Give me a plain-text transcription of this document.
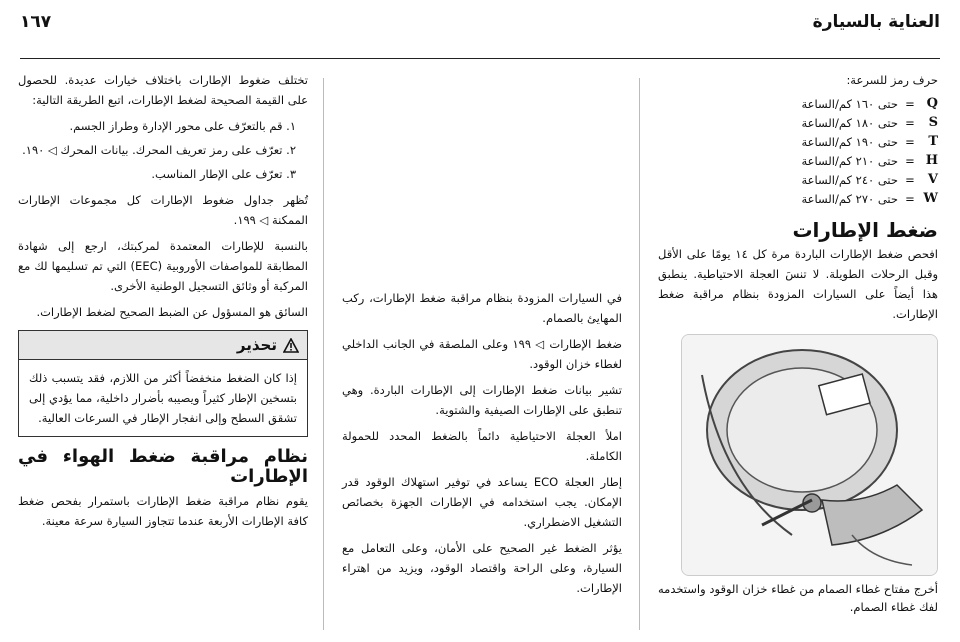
العناية بالسيارة
١٦٧
حرف رمز للسرعة:
Q
=
حتى ١٦٠ كم/الساعة
S
=
حتى ١٨٠ كم/الساعة
T
=
حتى ١٩٠ كم/الساعة
H
=
حتى ٢١٠ كم/الساعة
V
=
حتى ٢٤٠ كم/الساعة
W
=
حتى ٢٧٠ كم/الساعة
ضغط الإطارات

افحص ضغط الإطارات الباردة مرة كل ١٤ يومًا على الأقل وقبل الرحلات الطويلة. لا تنسَ العجلة الاحتياطية. ينطبق هذا أيضاً على السيارات المزودة بنظام مراقبة ضغط الإطارات.

أخرج مفتاح غطاء الصمام من غطاء خزان الوقود واستخدمه لفك غطاء الصمام.

في السيارات المزودة بنظام مراقبة ضغط الإطارات، ركب المهايئ بالصمام.

ضغط الإطارات ◁ ١٩٩ وعلى الملصقة في الجانب الداخلي لغطاء خزان الوقود.

تشير بيانات ضغط الإطارات إلى الإطارات الباردة. وهي تنطبق على الإطارات الصيفية والشتوية.

املأ العجلة الاحتياطية دائماً بالضغط المحدد للحمولة الكاملة.

إطار العجلة ECO يساعد في توفير استهلاك الوقود قدر الإمكان. يجب استخدامه في الإطارات الجهزة بخصائص التشغيل الاضطراري.

يؤثر الضغط غير الصحيح على الأمان، وعلى التعامل مع السيارة، وعلى الراحة واقتصاد الوقود، ويزيد من اهتراء الإطارات.

تختلف ضغوط الإطارات باختلاف خيارات عديدة. للحصول على القيمة الصحيحة لضغط الإطارات، اتبع الطريقة التالية:

١. قم بالتعرّف على محور الإدارة وطراز الجسم.
٢. تعرّف على رمز تعريف المحرك. بيانات المحرك ◁ ١٩٠.
٣. تعرّف على الإطار المناسب.

تُظهر جداول ضغوط الإطارات كل مجموعات الإطارات الممكنة ◁ ١٩٩.

بالنسبة للإطارات المعتمدة لمركبتك، ارجع إلى شهادة المطابقة للمواصفات الأوروبية (EEC) التي تم تسليمها لك مع المركبة أو وثائق التسجيل الوطنية الأخرى.

السائق هو المسؤول عن الضبط الصحيح لضغط الإطارات.

تحذير
إذا كان الضغط منخفضاً أكثر من اللازم، فقد يتسبب ذلك بتسخين الإطار كثيراً ويصيبه بأضرار داخلية، مما يؤدي إلى تشقق السطح وإلى انفجار الإطار في السرعات العالية.
نظام مراقبة ضغط الهواء في الإطارات

يقوم نظام مراقبة ضغط الإطارات باستمرار بفحص ضغط كافة الإطارات الأربعة عندما تتجاوز السيارة سرعة معينة.
